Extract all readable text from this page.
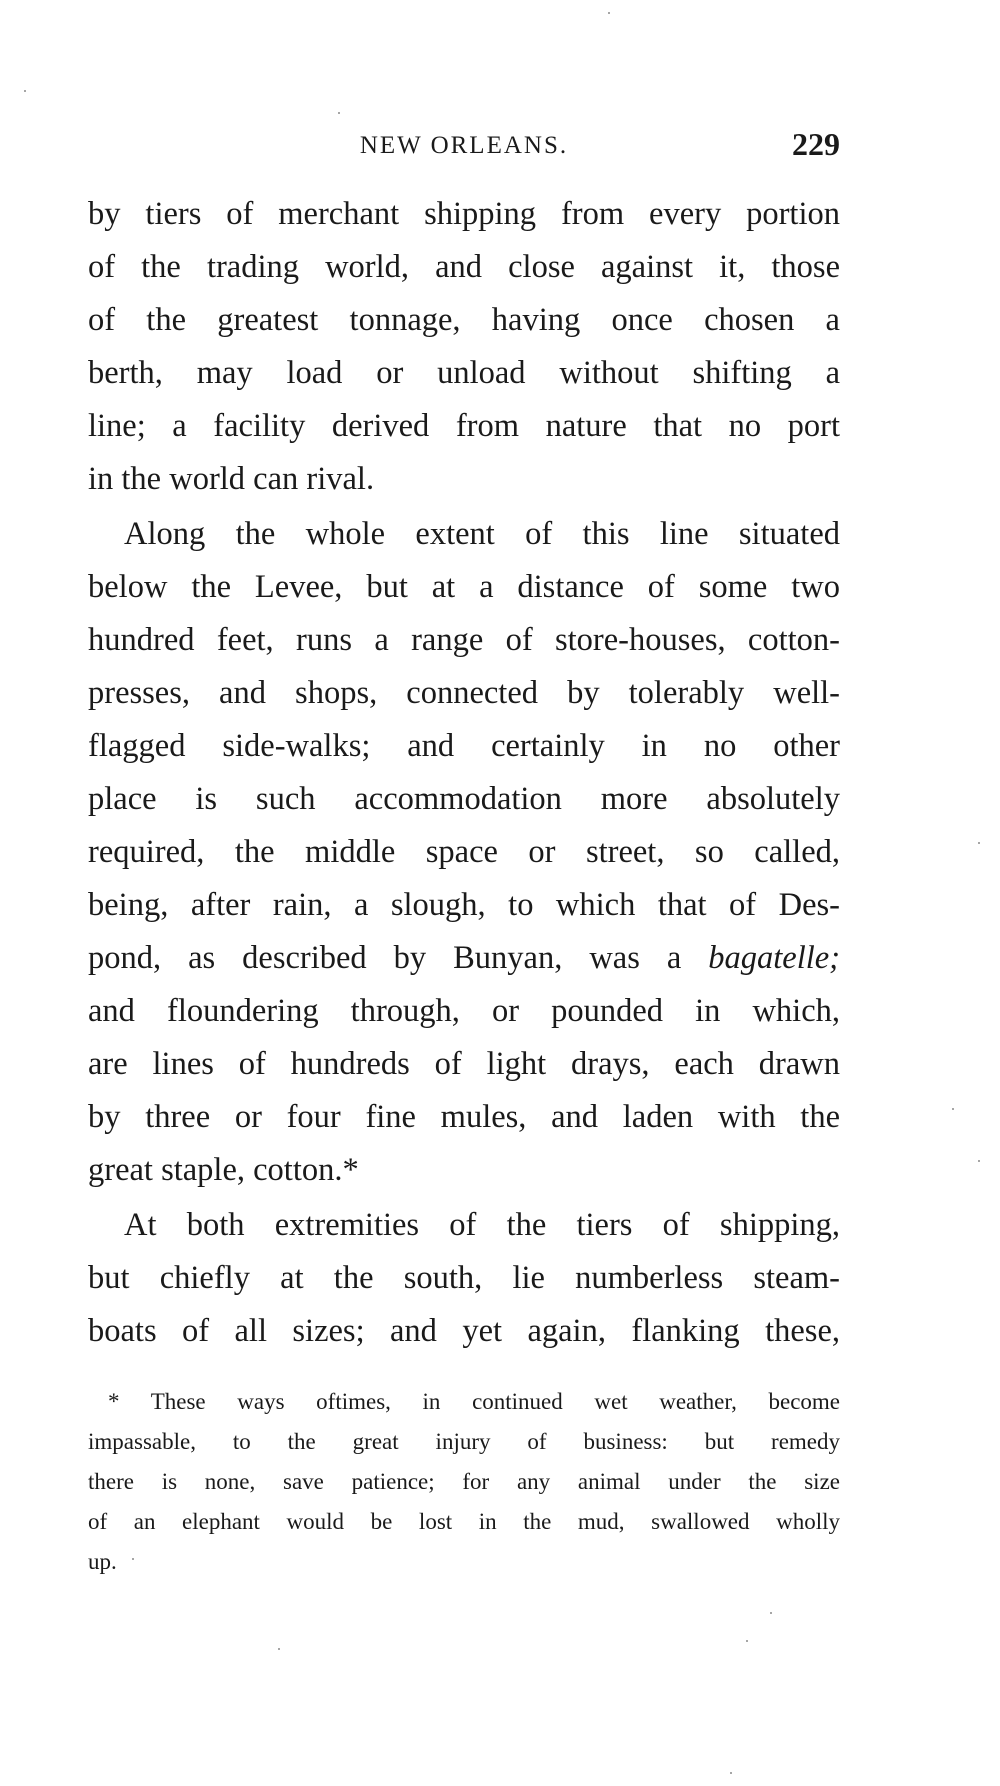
NEW ORLEANS.	229

by tiers of merchant shipping from every portion

of the trading world, and close against it, those

of the greatest tonnage, having once chosen a

berth, may load or unload without shifting a

line; a facility derived from nature that no port

in the world can rival.

Along the whole extent of this line situated

below the Levee, but at a distance of some two

hundred feet, runs a range of store-houses, cotton-

presses, and shops, connected by tolerably well-

flagged side-walks; and certainly in no other

place is such accommodation more absolutely

required, the middle space or street, so called,

being, after rain, a slough, to which that of Des-

pond, as described by Bunyan, was a bagatelle;

and floundering through, or pounded in which,

are lines of hundreds of light drays, each drawn

by three or four fine mules, and laden with the

great staple, cotton.*

At both extremities of the tiers of shipping,

but chiefly at the south, lie numberless steam-

boats of all sizes; and yet again, flanking these,

* These ways oftimes, in continued wet weather, become

impassable, to the great injury of business: but remedy

there is none, save patience; for any animal under the size

of an elephant would be lost in the mud, swallowed wholly

up.
